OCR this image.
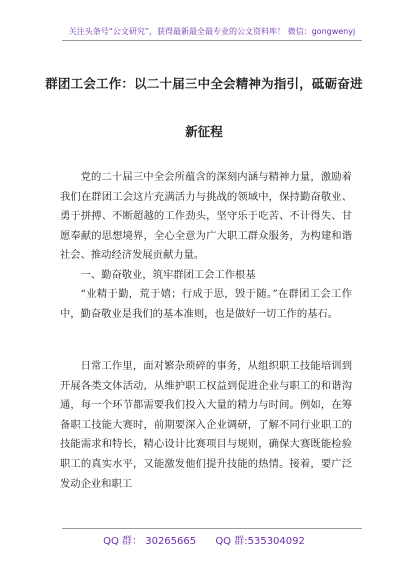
关注头条号“公文研究”，获得最新最全最专业的公文资料库！ 微信：gongwenyj
群团工会工作：以二十届三中全会精神为指引，砥砺奋进
新征程
党的二十届三中全会所蕴含的深刻内涵与精神力量，激励着我们在群团工会这片充满活力与挑战的领域中，保持勤奋敬业、勇于拼搏、不断超越的工作劲头，坚守乐于吃苦、不计得失、甘愿奉献的思想境界，全心全意为广大职工群众服务，为构建和谐社会、推动经济发展贡献力量。
一、勤奋敬业，筑牢群团工会工作根基
“业精于勤，荒于嬉；行成于思，毁于随。”在群团工会工作中，勤奋敬业是我们的基本准则，也是做好一切工作的基石。
日常工作里，面对繁杂琐碎的事务，从组织职工技能培训到开展各类文体活动，从维护职工权益到促进企业与职工的和谐沟通，每一个环节都需要我们投入大量的精力与时间。例如，在筹备职工技能大赛时，前期要深入企业调研，了解不同行业职工的技能需求和特长，精心设计比赛项目与规则，确保大赛既能检验职工的真实水平，又能激发他们提升技能的热情。接着，要广泛发动企业和职工
QQ 群： 30265665 QQ 群:535304092
